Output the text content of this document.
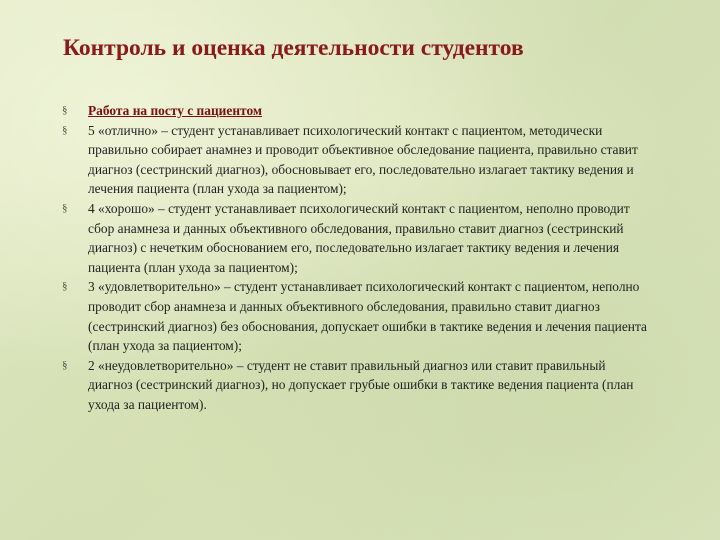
Контроль и оценка деятельности студентов
§	Работа на посту с пациентом
§	5 «отлично» – студент устанавливает психологический контакт с пациентом, методически правильно собирает анамнез и проводит объективное обследование пациента, правильно ставит диагноз (сестринский диагноз), обосновывает его, последовательно излагает тактику ведения и лечения пациента (план ухода за пациентом);
§	4 «хорошо» – студент устанавливает психологический контакт с пациентом, неполно проводит сбор анамнеза и данных объективного обследования, правильно ставит диагноз (сестринский диагноз) с нечетким обоснованием его, последовательно излагает тактику ведения и лечения пациента (план ухода за пациентом);
§	3 «удовлетворительно» – студент устанавливает психологический контакт с пациентом, неполно проводит сбор анамнеза и данных объективного обследования, правильно ставит диагноз (сестринский диагноз) без обоснования, допускает ошибки в тактике ведения и лечения пациента (план ухода за пациентом);
§	2 «неудовлетворительно» – студент не ставит правильный диагноз или ставит правильный диагноз (сестринский диагноз), но допускает грубые ошибки в тактике ведения пациента (план ухода за пациентом).
